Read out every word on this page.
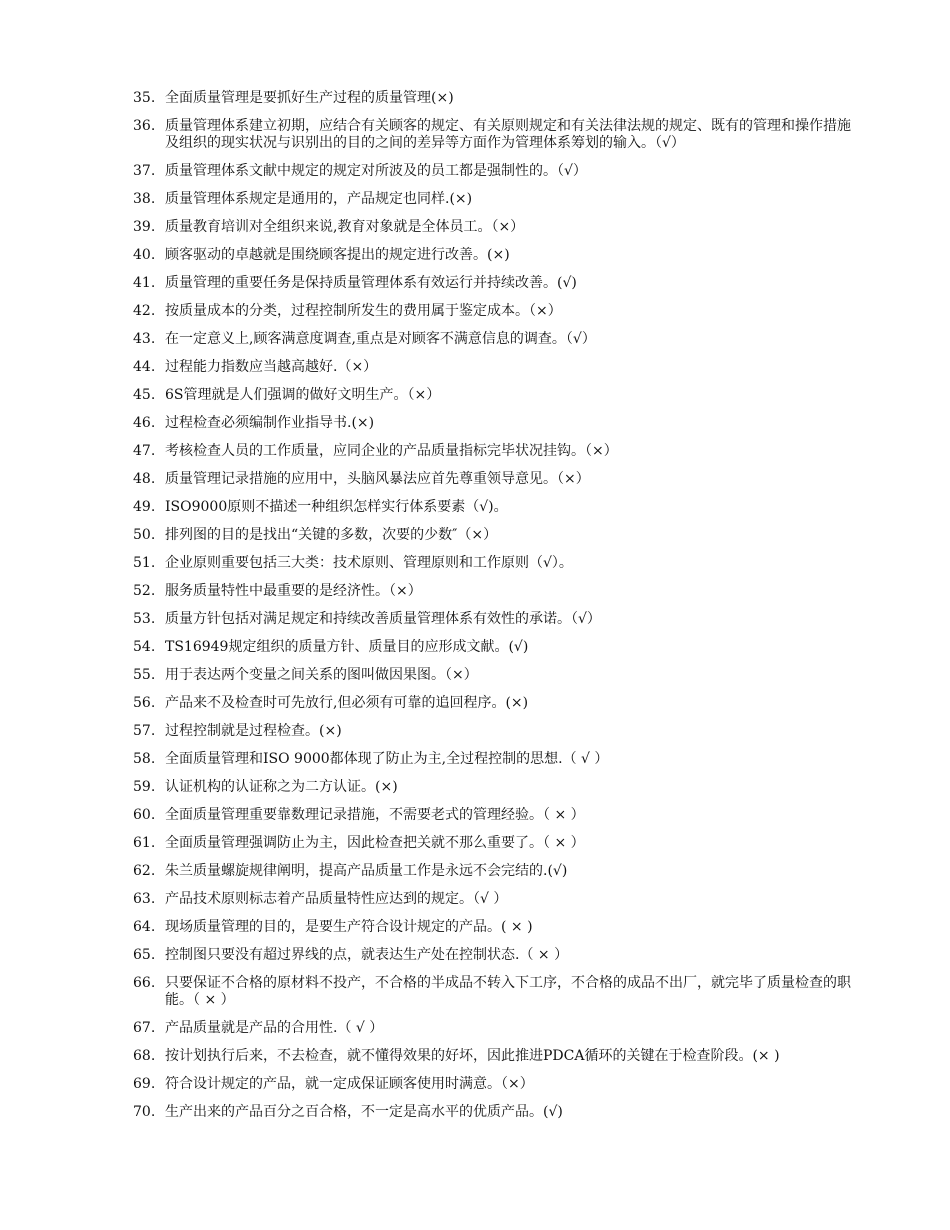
35. 全面质量管理是要抓好生产过程的质量管理(×)
36. 质量管理体系建立初期，应结合有关顾客的规定、有关原则规定和有关法律法规的规定、既有的管理和操作措施及组织的现实状况与识别出的目的之间的差异等方面作为管理体系筹划的输入。（√）
37. 质量管理体系文献中规定的规定对所波及的员工都是强制性的。（√）
38. 质量管理体系规定是通用的，产品规定也同样.(×)
39. 质量教育培训对全组织来说,教育对象就是全体员工。（×）
40. 顾客驱动的卓越就是围绕顾客提出的规定进行改善。(×)
41. 质量管理的重要任务是保持质量管理体系有效运行并持续改善。(√)
42. 按质量成本的分类，过程控制所发生的费用属于鉴定成本。（×）
43. 在一定意义上,顾客满意度调查,重点是对顾客不满意信息的调查。（√）
44. 过程能力指数应当越高越好.（×）
45. 6S管理就是人们强调的做好文明生产。（×）
46. 过程检查必须编制作业指导书.(×)
47. 考核检查人员的工作质量，应同企业的产品质量指标完毕状况挂钩。（×）
48. 质量管理记录措施的应用中，头脑风暴法应首先尊重领导意见。（×）
49. ISO9000原则不描述一种组织怎样实行体系要素（√)。
50. 排列图的目的是找出“关键的多数，次要的少数″（×）
51. 企业原则重要包括三大类：技术原则、管理原则和工作原则（√）。
52. 服务质量特性中最重要的是经济性。（×）
53. 质量方针包括对满足规定和持续改善质量管理体系有效性的承诺。（√）
54. TS16949规定组织的质量方针、质量目的应形成文献。(√)
55. 用于表达两个变量之间关系的图叫做因果图。（×）
56. 产品来不及检查时可先放行,但必须有可靠的追回程序。(×)
57. 过程控制就是过程检查。(×)
58. 全面质量管理和ISO 9000都体现了防止为主,全过程控制的思想.（ √ ）
59. 认证机构的认证称之为二方认证。(×)
60. 全面质量管理重要靠数理记录措施，不需要老式的管理经验。（ × ）
61. 全面质量管理强调防止为主，因此检查把关就不那么重要了。（ × ）
62. 朱兰质量螺旋规律阐明，提高产品质量工作是永远不会完结的.(√)
63. 产品技术原则标志着产品质量特性应达到的规定。（√ ）
64. 现场质量管理的目的，是要生产符合设计规定的产品。( × )
65. 控制图只要没有超过界线的点，就表达生产处在控制状态.（ × ）
66. 只要保证不合格的原材料不投产，不合格的半成品不转入下工序，不合格的成品不出厂，就完毕了质量检查的职能。（ × ）
67. 产品质量就是产品的合用性.（ √ ）
68. 按计划执行后来，不去检查，就不懂得效果的好坏，因此推进PDCA循环的关键在于检查阶段。(× )
69. 符合设计规定的产品，就一定成保证顾客使用时满意。（×）
70. 生产出来的产品百分之百合格，不一定是高水平的优质产品。(√)
